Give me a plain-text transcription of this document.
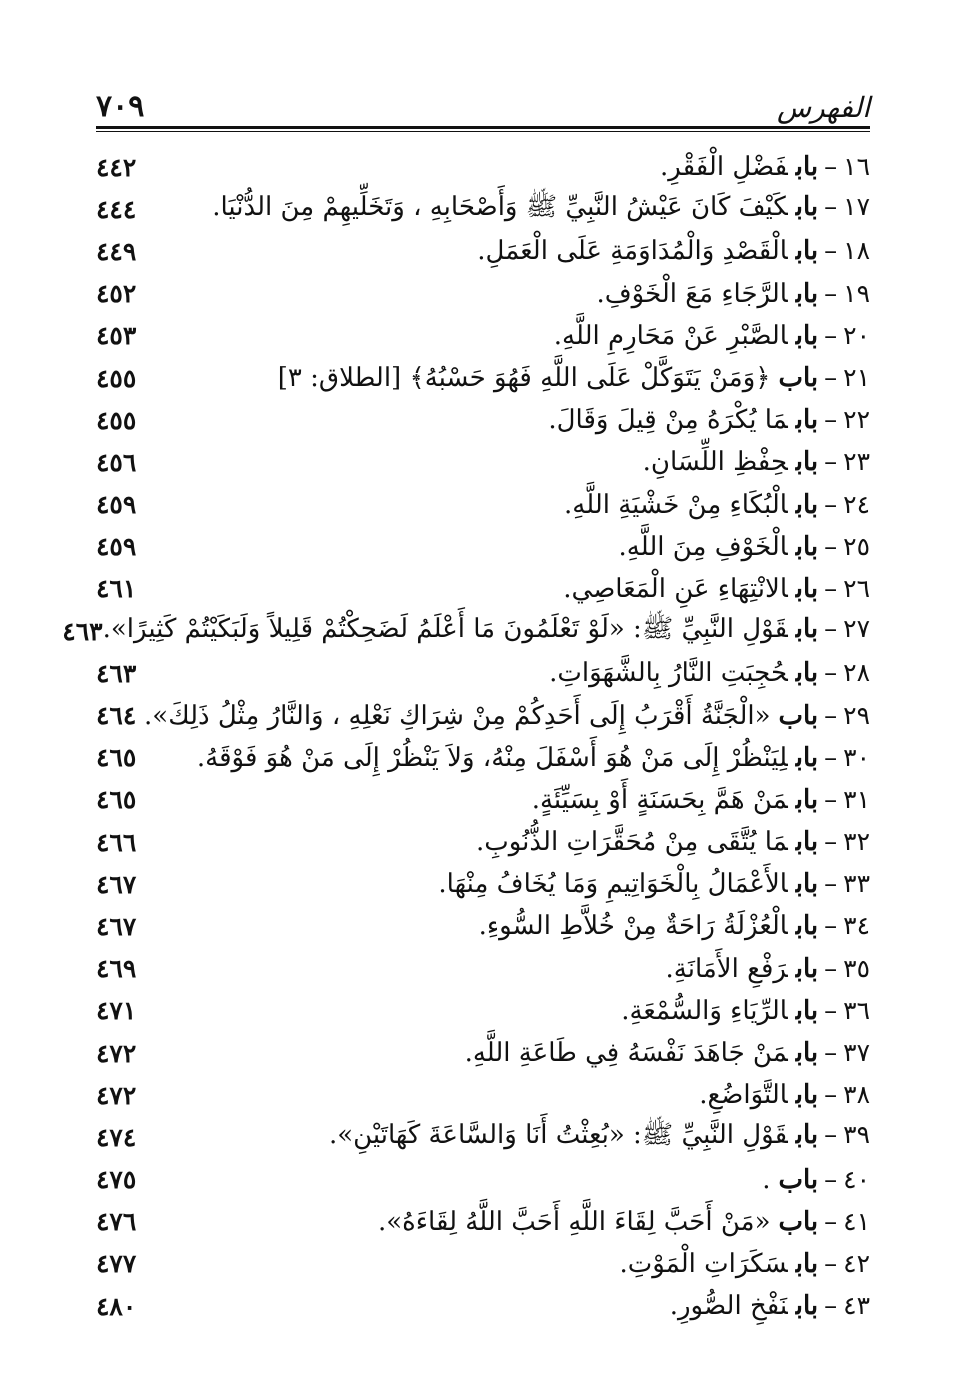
الفهرس
٧٠٩
١٦–بابفَضْلِ الْفَقْرِ.
٤٤٢
١٧–بابكَيْفَ كَانَ عَيْشُ النَّبِيِّ ﷺ وَأَصْحَابِهِ ، وَتَخَلِّيهِمْ مِنَ الدُّنْيَا.
٤٤٤
١٨–بابالْقَصْدِ وَالْمُدَاوَمَةِ عَلَى الْعَمَلِ.
٤٤٩
١٩–بابالرَّجَاءِ مَعَ الْخَوْفِ.
٤٥٢
٢٠–بابالصَّبْرِ عَنْ مَحَارِمِ اللَّهِ.
٤٥٣
٢١–باب﴿وَمَنْ يَتَوَكَّلْ عَلَى اللَّهِ فَهُوَ حَسْبُهُ﴾ [الطلاق: ٣]
٤٥٥
٢٢–بابمَا يُكْرَهُ مِنْ قِيلَ وَقَالَ.
٤٥٥
٢٣–بابحِفْظِ اللِّسَانِ.
٤٥٦
٢٤–بابالْبُكَاءِ مِنْ خَشْيَةِ اللَّهِ.
٤٥٩
٢٥–بابالْخَوْفِ مِنَ اللَّهِ.
٤٥٩
٢٦–بابالانْتِهَاءِ عَنِ الْمَعَاصِي.
٤٦١
٢٧–بابقَوْلِ النَّبِيِّ ﷺ: «لَوْ تَعْلَمُونَ مَا أَعْلَمُ لَضَحِكْتُمْ قَلِيلاً وَلَبَكَيْتُمْ كَثِيرًا».
٤٦٣
٢٨–بابحُجِبَتِ النَّارُ بِالشَّهَوَاتِ.
٤٦٣
٢٩–باب«الْجَنَّةُ أَقْرَبُ إِلَى أَحَدِكُمْ مِنْ شِرَاكِ نَعْلِهِ ، وَالنَّارُ مِثْلُ ذَلِكَ».
٤٦٤
٣٠–بابلِيَنْظُرْ إِلَى مَنْ هُوَ أَسْفَلَ مِنْهُ، وَلاَ يَنْظُرْ إِلَى مَنْ هُوَ فَوْقَهُ.
٤٦٥
٣١–بابمَنْ هَمَّ بِحَسَنَةٍ أَوْ بِسَيِّئَةٍ.
٤٦٥
٣٢–بابمَا يُتَّقَى مِنْ مُحَقَّرَاتِ الذُّنُوبِ.
٤٦٦
٣٣–بابالأَعْمَالُ بِالْخَوَاتِيمِ وَمَا يُخَافُ مِنْهَا.
٤٦٧
٣٤–بابالْعُزْلَةُ رَاحَةٌ مِنْ خُلاَّطِ السُّوءِ.
٤٦٧
٣٥–بابرَفْعِ الأَمَانَةِ.
٤٦٩
٣٦–بابالرِّيَاءِ وَالسُّمْعَةِ.
٤٧١
٣٧–بابمَنْ جَاهَدَ نَفْسَهُ فِي طَاعَةِ اللَّهِ.
٤٧٢
٣٨–بابالتَّوَاضُعِ.
٤٧٢
٣٩–بابقَوْلِ النَّبِيِّ ﷺ: «بُعِثْتُ أَنَا وَالسَّاعَةَ كَهَاتَيْنِ».
٤٧٤
٤٠–باب.
٤٧٥
٤١–باب«مَنْ أَحَبَّ لِقَاءَ اللَّهِ أَحَبَّ اللَّهُ لِقَاءَهُ».
٤٧٦
٤٢–بابسَكَرَاتِ الْمَوْتِ.
٤٧٧
٤٣–بابنَفْخِ الصُّورِ.
٤٨٠
